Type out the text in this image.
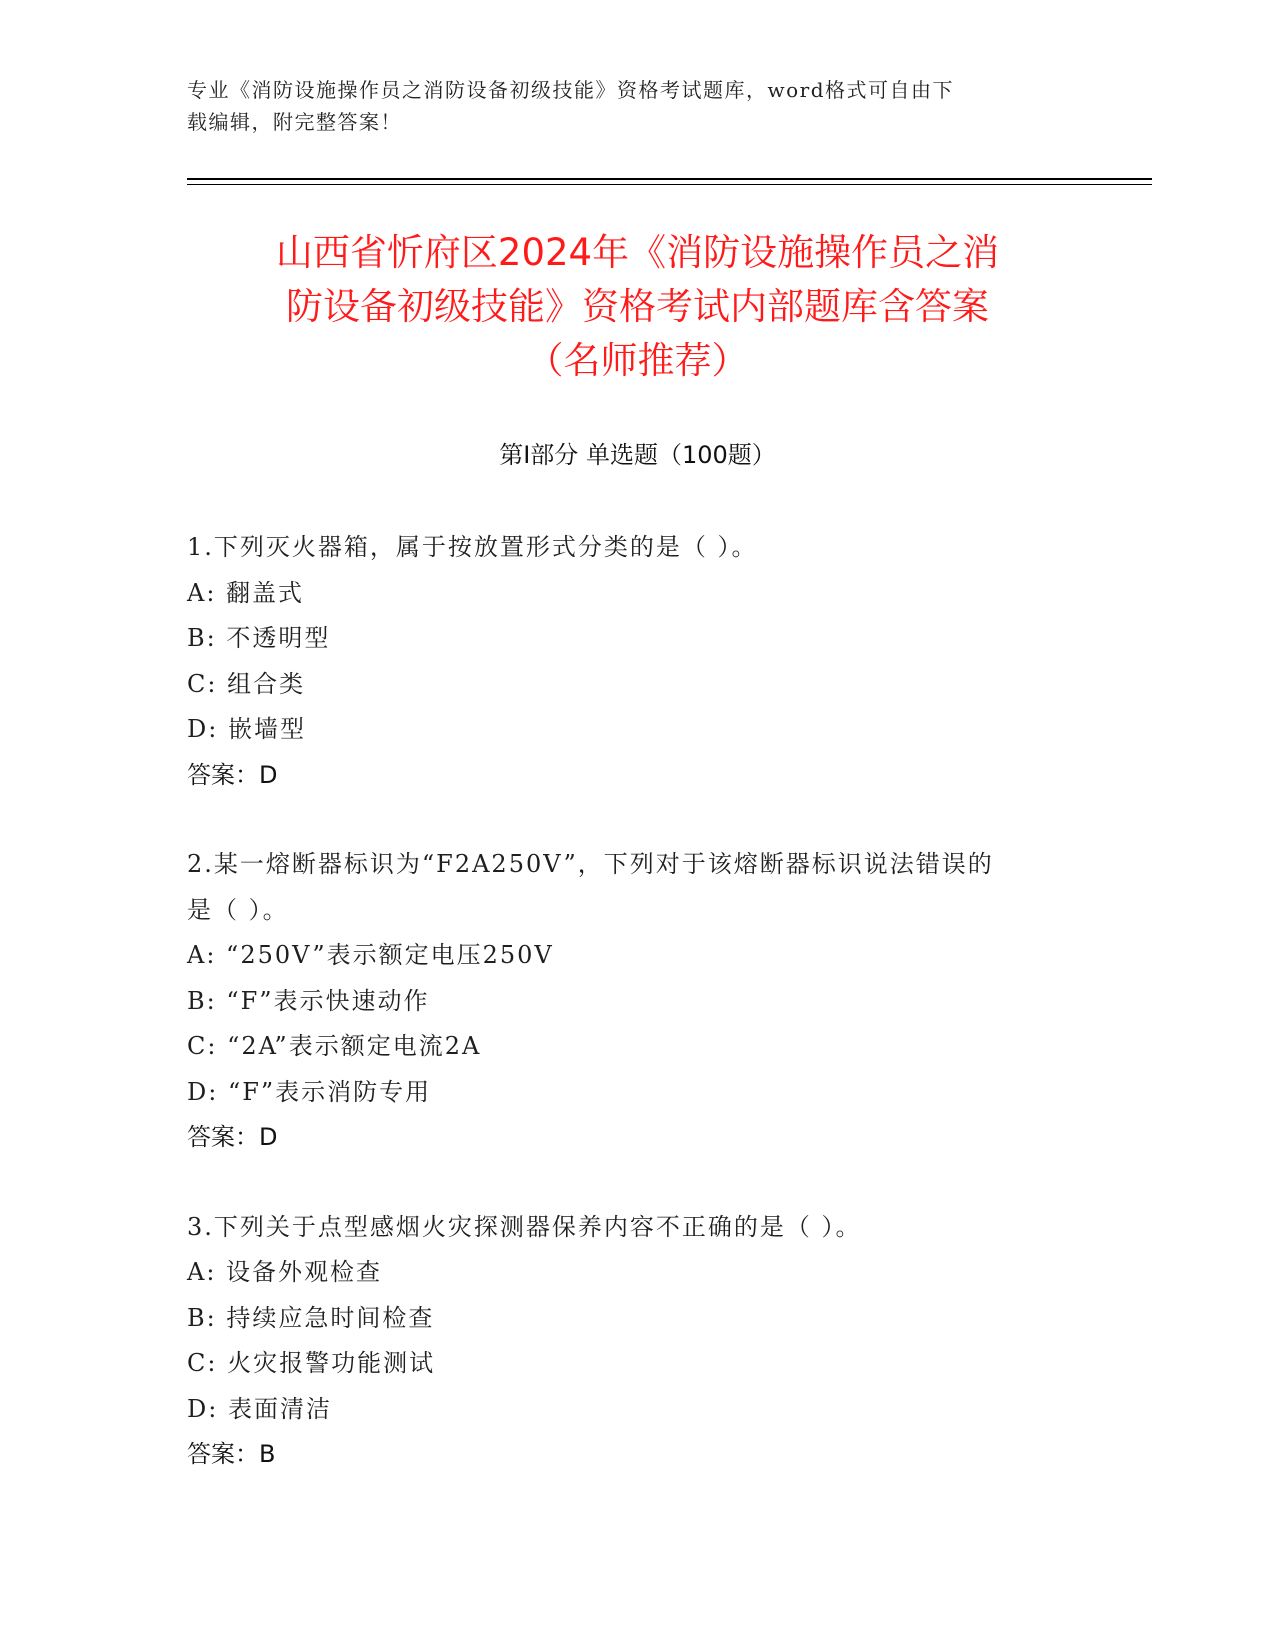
专业《消防设施操作员之消防设备初级技能》资格考试题库，word格式可自由下
载编辑，附完整答案！
山西省忻府区2024年《消防设施操作员之消
防设备初级技能》资格考试内部题库含答案
（名师推荐）
第Ⅰ部分 单选题（100题）
1.下列灭火器箱，属于按放置形式分类的是（ ）。
A: 翻盖式
B: 不透明型
C: 组合类
D: 嵌墙型
答案：D
2.某一熔断器标识为“F2A250V”，下列对于该熔断器标识说法错误的
是（ ）。
A: “250V”表示额定电压250V
B: “F”表示快速动作
C: “2A”表示额定电流2A
D: “F”表示消防专用
答案：D
3.下列关于点型感烟火灾探测器保养内容不正确的是（ ）。
A: 设备外观检查
B: 持续应急时间检查
C: 火灾报警功能测试
D: 表面清洁
答案：B
